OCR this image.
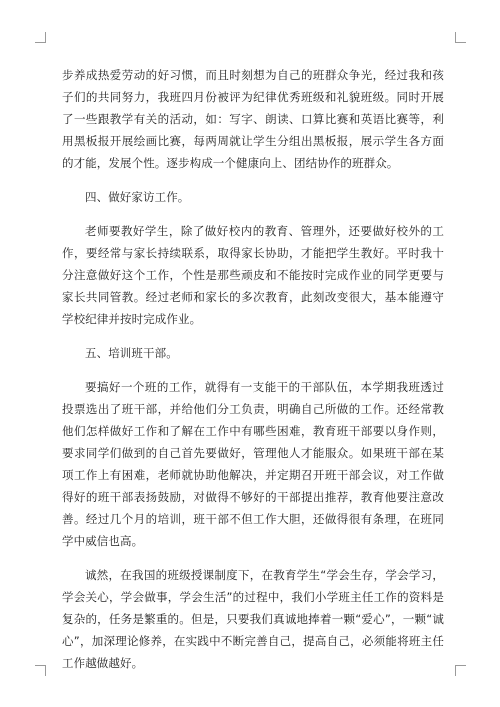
步养成热爱劳动的好习惯，而且时刻想为自己的班群众争光，经过我和孩子们的共同努力，我班四月份被评为纪律优秀班级和礼貌班级。同时开展了一些跟教学有关的活动，如：写字、朗读、口算比赛和英语比赛等，利用黑板报开展绘画比赛，每两周就让学生分组出黑板报，展示学生各方面的才能，发展个性。逐步构成一个健康向上、团结协作的班群众。

四、做好家访工作。

老师要教好学生，除了做好校内的教育、管理外，还要做好校外的工作，要经常与家长持续联系，取得家长协助，才能把学生教好。平时我十分注意做好这个工作，个性是那些顽皮和不能按时完成作业的同学更要与家长共同管教。经过老师和家长的多次教育，此刻改变很大，基本能遵守学校纪律并按时完成作业。

五、培训班干部。

要搞好一个班的工作，就得有一支能干的干部队伍，本学期我班透过投票选出了班干部，并给他们分工负责，明确自己所做的工作。还经常教他们怎样做好工作和了解在工作中有哪些困难，教育班干部要以身作则，要求同学们做到的自己首先要做好，管理他人才能服众。如果班干部在某项工作上有困难，老师就协助他解决，并定期召开班干部会议，对工作做得好的班干部表扬鼓励，对做得不够好的干部提出推荐，教育他要注意改善。经过几个月的培训，班干部不但工作大胆，还做得很有条理，在班同学中威信也高。

诚然，在我国的班级授课制度下，在教育学生“学会生存，学会学习，学会关心，学会做事，学会生活”的过程中，我们小学班主任工作的资料是复杂的，任务是繁重的。但是，只要我们真诚地捧着一颗“爱心”，一颗“诚心”，加深理论修养，在实践中不断完善自己，提高自己，必须能将班主任工作越做越好。
